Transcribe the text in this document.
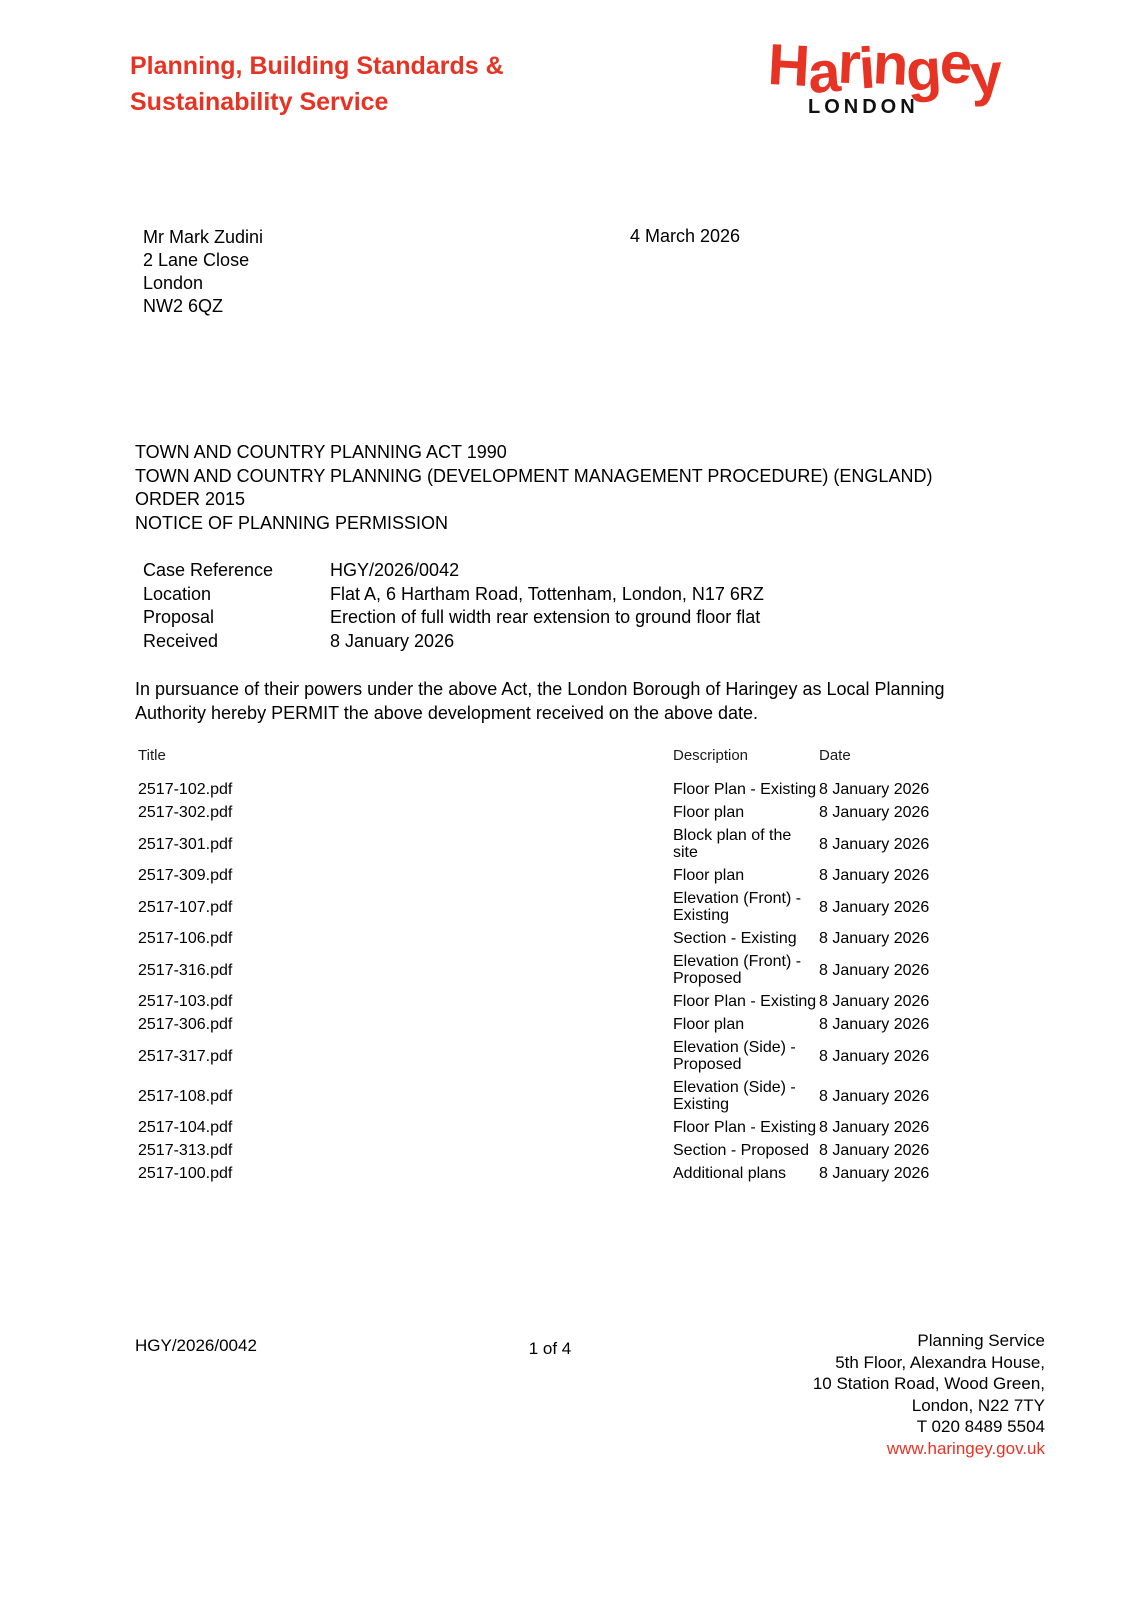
Planning, Building Standards &
Sustainability Service
Haringey
LONDON
Mr Mark Zudini
2 Lane Close
London
NW2 6QZ
4 March 2026
TOWN AND COUNTRY PLANNING ACT 1990
TOWN AND COUNTRY PLANNING (DEVELOPMENT MANAGEMENT PROCEDURE) (ENGLAND) ORDER 2015
NOTICE OF PLANNING PERMISSION
Case Reference	HGY/2026/0042
Location	Flat A, 6 Hartham Road, Tottenham, London, N17 6RZ
Proposal	Erection of full width rear extension to ground floor flat
Received	8 January 2026

In pursuance of their powers under the above Act, the London Borough of Haringey as Local Planning Authority hereby PERMIT the above development received on the above date.

Title	Description	Date
2517-102.pdf	Floor Plan - Existing 8 January 2026
2517-302.pdf	Floor plan	8 January 2026
2517-301.pdf	Block plan of the site	8 January 2026
2517-309.pdf	Floor plan	8 January 2026
2517-107.pdf	Elevation (Front) - Existing	8 January 2026
2517-106.pdf	Section - Existing	8 January 2026
2517-316.pdf	Elevation (Front) - Proposed	8 January 2026
2517-103.pdf	Floor Plan - Existing 8 January 2026
2517-306.pdf	Floor plan	8 January 2026
2517-317.pdf	Elevation (Side) - Proposed	8 January 2026
2517-108.pdf	Elevation (Side) - Existing	8 January 2026
2517-104.pdf	Floor Plan - Existing 8 January 2026
2517-313.pdf	Section - Proposed 8 January 2026
2517-100.pdf	Additional plans	8 January 2026
HGY/2026/0042	1 of 4	Planning Service
5th Floor, Alexandra House,
10 Station Road, Wood Green,
London, N22 7TY
T 020 8489 5504
www.haringey.gov.uk
